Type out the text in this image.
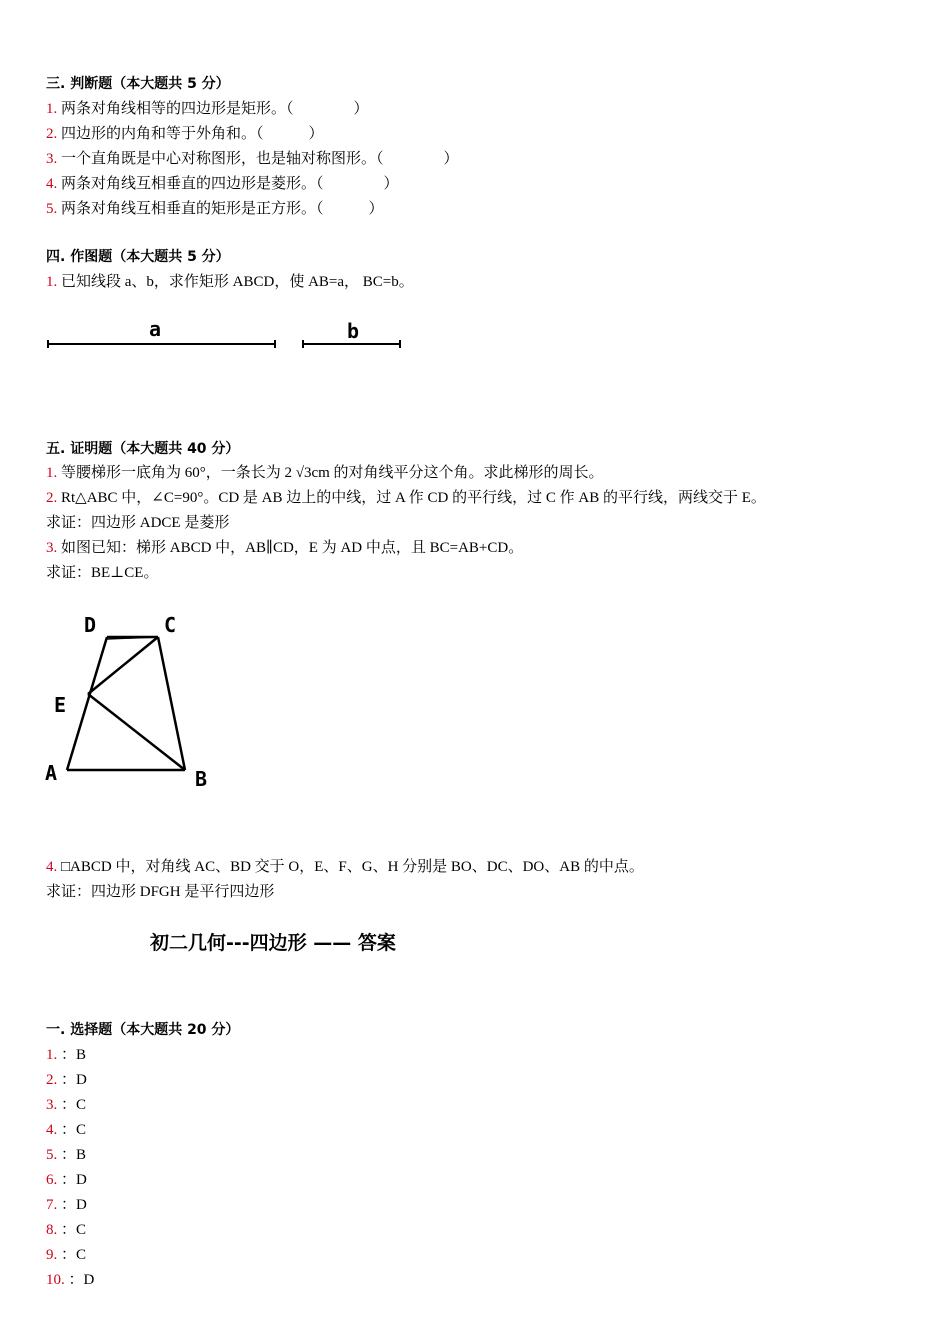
三. 判断题（本大题共 5 分）
1. 两条对角线相等的四边形是矩形。（　　　　）
2. 四边形的内角和等于外角和。（　　　）
3. 一个直角既是中心对称图形，也是轴对称图形。（　　　　）
4. 两条对角线互相垂直的四边形是菱形。（　　　　）
5. 两条对角线互相垂直的矩形是正方形。（　　　）
四. 作图题（本大题共 5 分）
1. 已知线段 a、b，求作矩形 ABCD，使 AB=a， BC=b。
a	b
五. 证明题（本大题共 40 分）
1. 等腰梯形一底角为 60°，一条长为 2 √3cm 的对角线平分这个角。求此梯形的周长。
2. Rt△ABC 中，∠C=90°。CD 是 AB 边上的中线，过 A 作 CD 的平行线，过 C 作 AB 的平行线，两线交于 E。
求证：四边形 ADCE 是菱形
3. 如图已知：梯形 ABCD 中，AB∥CD，E 为 AD 中点，且 BC=AB+CD。
求证：BE⊥CE。
D	C
E
A	B
4. □ABCD 中，对角线 AC、BD 交于 O，E、F、G、H 分别是 BO、DC、DO、AB 的中点。
求证：四边形 DFGH 是平行四边形
初二几何---四边形 —— 答案
一. 选择题（本大题共 20 分）
1. ：B
2. ：D
3. ：C
4. ：C
5. ：B
6. ：D
7. ：D
8. ：C
9. ：C
10. ：D
